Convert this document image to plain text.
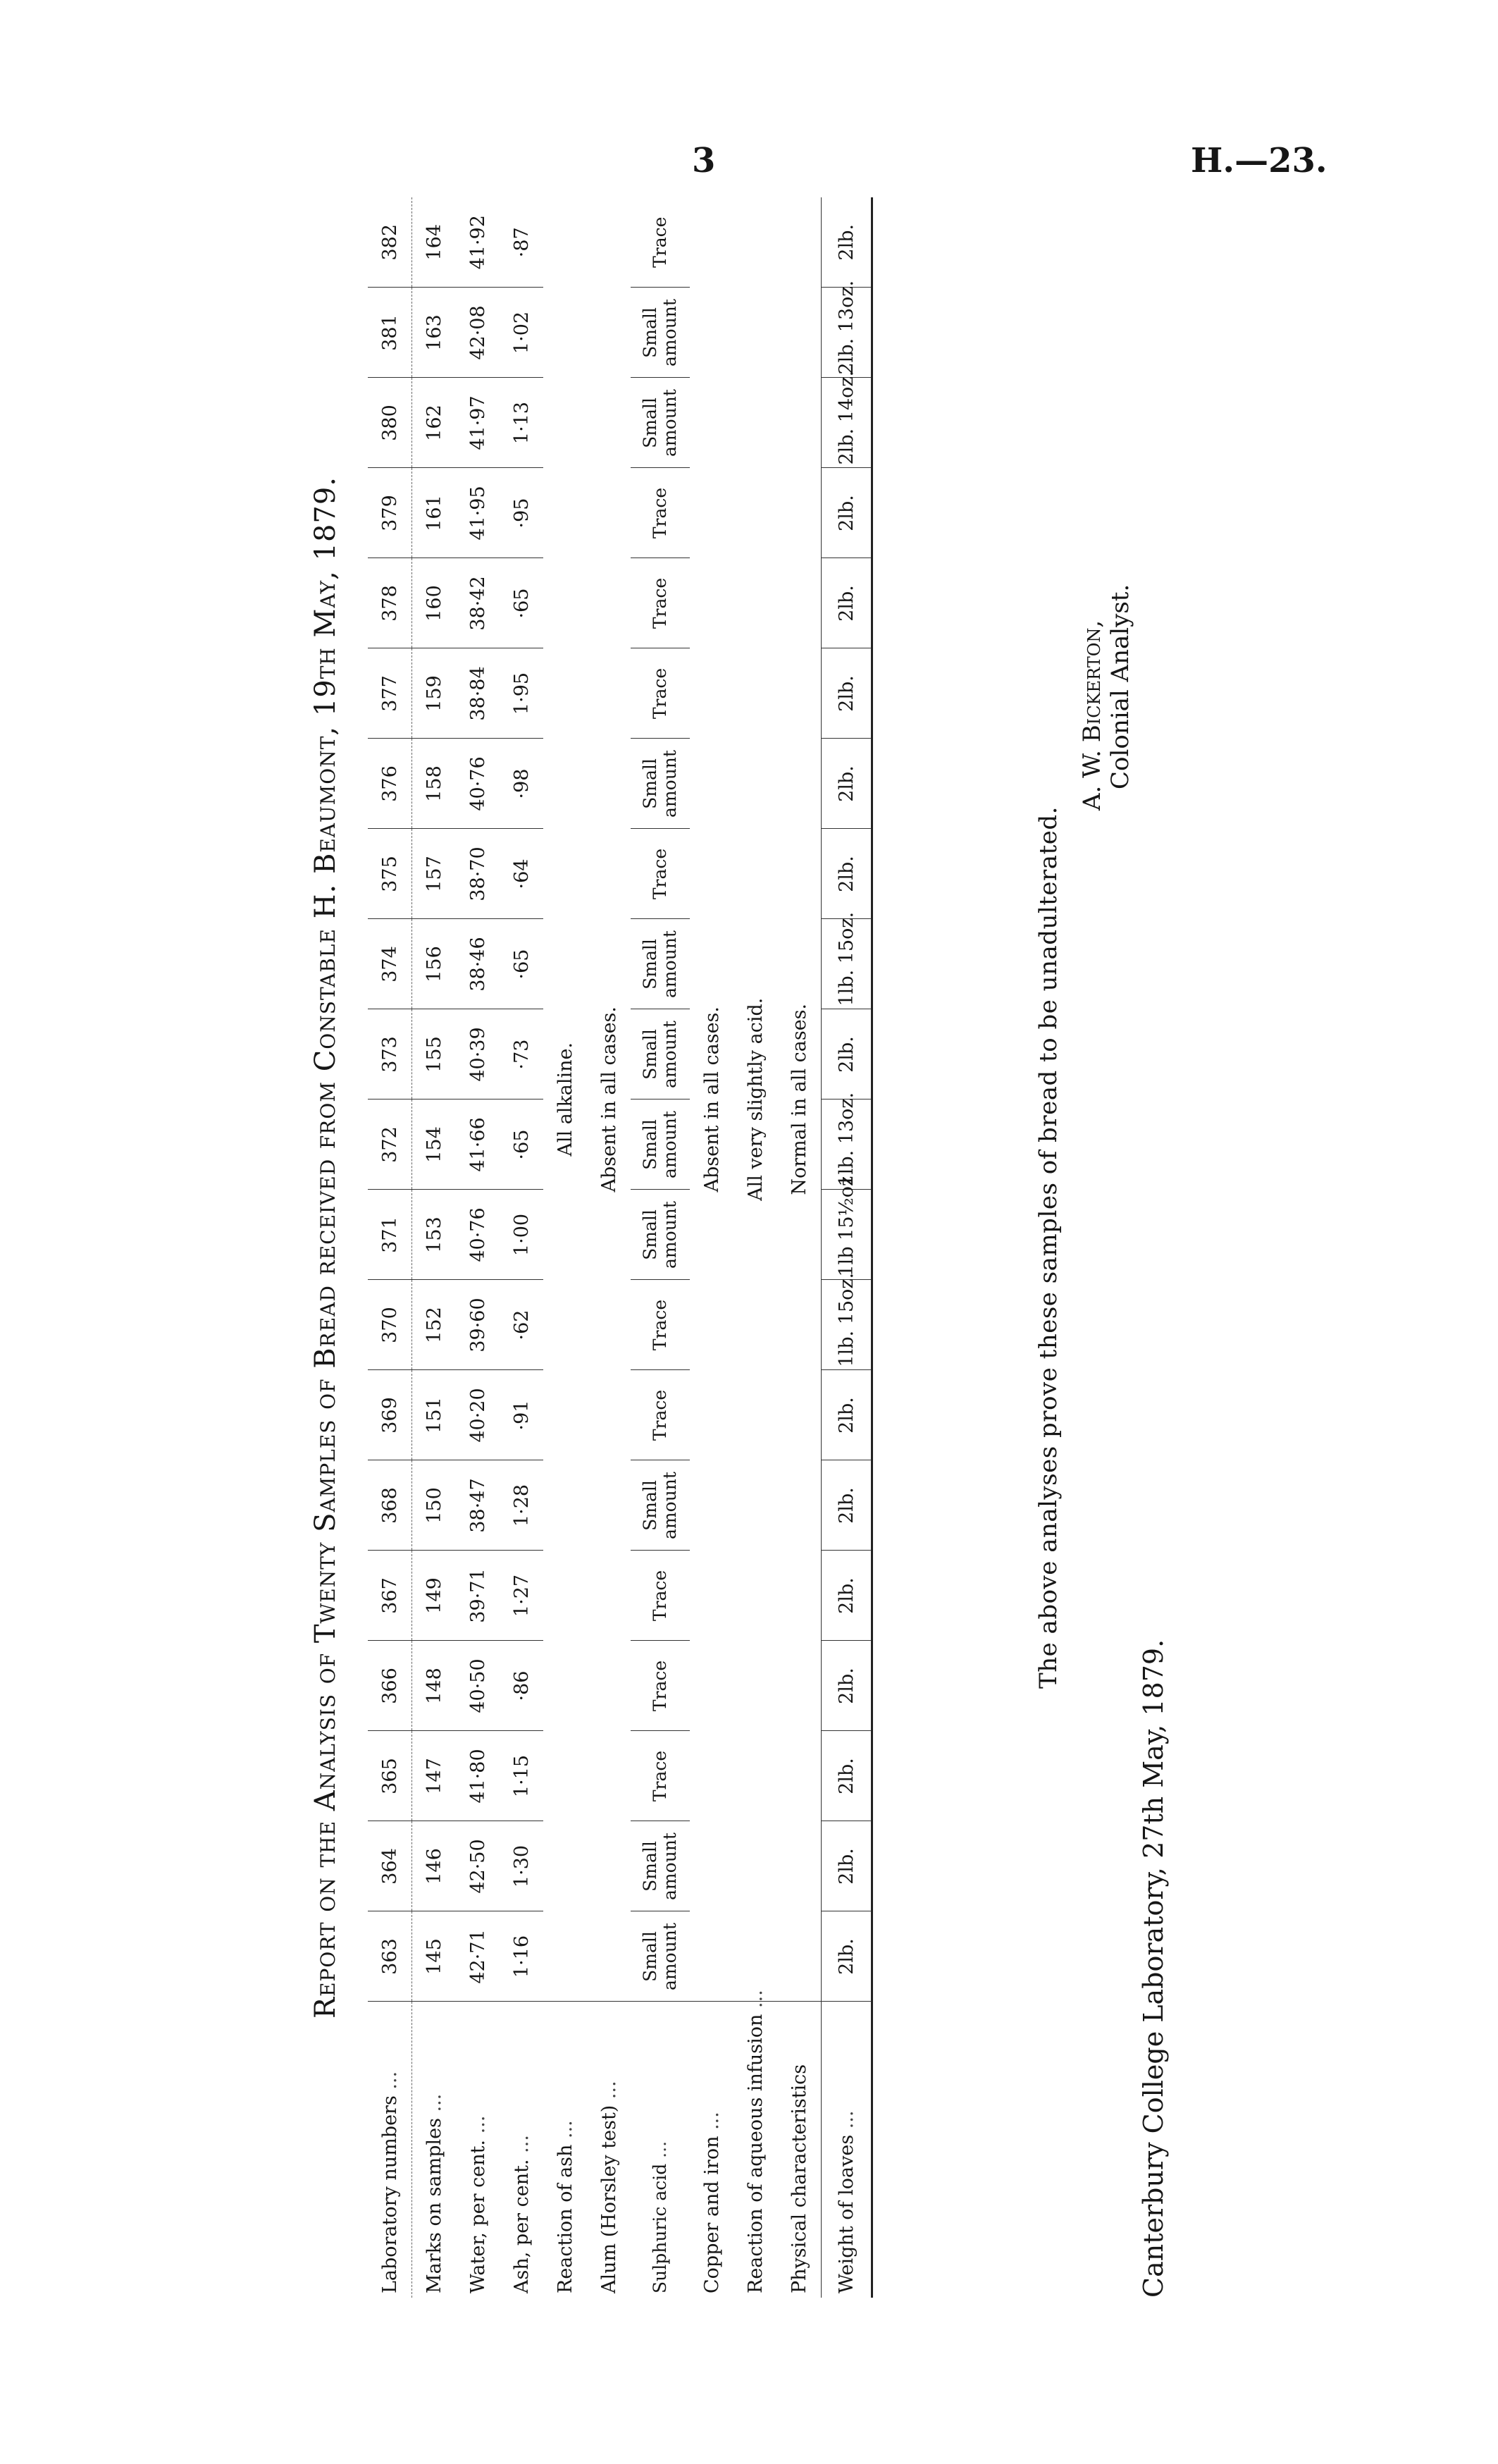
3	H.—23.
Report on the Analysis of Twenty Samples of Bread received from Constable H. Beaumont, 19th May, 1879.
Laboratory numbers ...	363	364	365	366	367	368	369	370	371	372	373	374	375	376	377	378	379	380	381	382
Marks on samples ...	145	146	147	148	149	150	151	152	153	154	155	156	157	158	159	160	161	162	163	164
Water, per cent. ...	42·71	42·50	41·80	40·50	39·71	38·47	40·20	39·60	40·76	41·66	40·39	38·46	38·70	40·76	38·84	38·42	41·95	41·97	42·08	41·92
Ash, per cent. ...	1·16	1·30	1·15	·86	1·27	1·28	·91	·62	1·00	·65	·73	·65	·64	·98	1·95	·65	·95	1·13	1·02	·87
Reaction of ash ...	All alkaline.																			
Alum (Horsley test) ...	Absent in all cases.																			
Sulphuric acid ...	Small amount	Small amount	Trace	Trace	Trace	Small amount	Trace	Trace	Small amount	Small amount	Small amount	Small amount	Trace	Small amount	Trace	Trace	Trace	Small amount	Small amount	Trace
Copper and iron ...	Absent in all cases.																			
Reaction of aqueous infusion ...	All very slightly acid.																			
Physical characteristics	Normal in all cases.																			
Weight of loaves ...	2lb.	2lb.	2lb.	2lb.	2lb.	2lb.	2lb.	1lb. 15oz.	1lb 15½oz	1lb. 13oz.	2lb.	1lb. 15oz.	2lb.	2lb.	2lb.	2lb.	2lb.	2lb. 14oz.	2lb. 13oz.	2lb.
The above analyses prove these samples of bread to be unadulterated.
A. W. Bickerton, Colonial Analyst.
Canterbury College Laboratory, 27th May, 1879.
